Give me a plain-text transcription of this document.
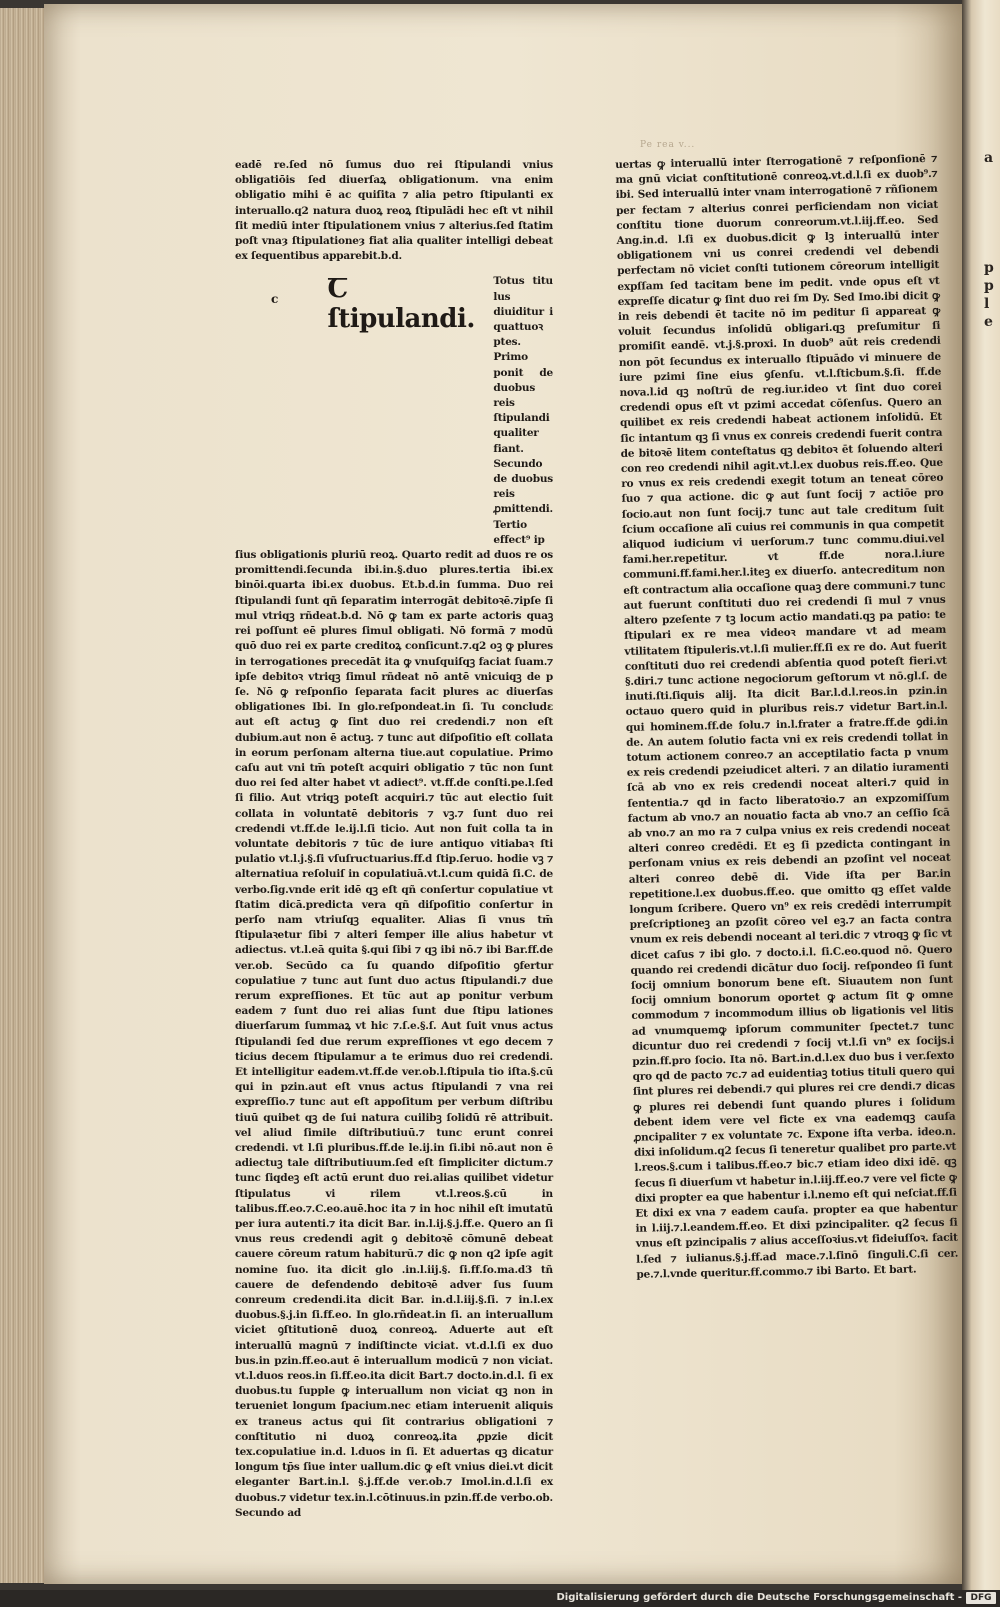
a
p
p
l
e
Pe rea v...

eadē re.ſed nō ſumus duo rei ſtipulandi vnius obligatiōis ſed diuerſaꝝ obligationum. vna enim obligatio mihi ē ac quiſita ⁊ alia petro ſtipulanti ex interuallo.q2 natura duoꝝ reoꝝ ſtipulādi hec eſt vt nihil ſit mediū inter ſtipulationem vnius ⁊ alterius.ſed ſtatim poſt vnaȝ ſtipulationeȝ fiat alia qualiter intelligi debeat ex ſequentibus apparebit.b.d.

c	Ꞇ ſtipulandi.
Totus titu lus diuiditur i quattuoꝛ ptes. Primo ponit de duobus reis ſtipulandi qualiter fiant. Secundo de duobus reis ꝓmittendi. Tertio effect⁹ ip

ſius obligationis pluriū reoꝝ. Quarto redit ad duos re os promittendi.ſecunda ibi.in.§.duo plures.tertia ibi.ex binōi.quarta ibi.ex duobus. Et.b.d.in ſumma. Duo rei ſtipulandi ſunt qñ ſeparatim interrogāt debitoꝛē.⁊ipſe ſi mul vtriqꝫ rñdeat.b.d. Nō ꝙ tam ex parte actoris quaꝫ rei poſſunt eē plures ſimul obligati. Nō formā ⁊ modū quō duo rei ex parte creditoꝝ conſicunt.⁊.q2 oꝫ ꝙ plures in terrogationes precedāt ita ꝙ vnuſquiſqꝫ faciat ſuam.⁊ ipſe debitoꝛ vtriqꝫ ſimul rñdeat nō antē vnicuiqꝫ de p ſe. Nō ꝙ reſponſio ſeparata facit plures ac diuerſas obligationes Ibi. In glo.reſpondeat.in ſi. Tu concludε aut eſt actuꝫ ꝙ ſint duo rei credendi.⁊ non eſt dubium.aut non ē actuꝫ. ⁊ tunc aut diſpoſitio eſt collata in eorum perſonam alterna tiue.aut copulatiue. Primo caſu aut vni tm̄ poteſt acquiri obligatio ⁊ tūc non ſunt duo rei ſed alter habet vt adiect⁹. vt.ff.de conſti.pe.l.ſed ſi filio. Aut vtriqꝫ poteſt acquiri.⁊ tūc aut electio ſuit collata in voluntatē debitoris ⁊ vꝫ.⁊ ſunt duo rei credendi vt.ff.de le.ij.l.ſi ticio. Aut non fuit colla ta in voluntate debitoris ⁊ tūc de iure antiquo vitiabaꝛ ſti pulatio vt.l.j.§.ſi vſuſructuarius.ff.d ſtip.ſeruo. hodie vꝫ ⁊ alternatiua reſoluiſ in copulatiuā.vt.l.cum quidā ſi.C. de verbo.ſig.vnde erit idē qꝫ eſt qñ conſertur copulatiue vt ſtatim dicā.predicta vera qñ diſpoſitio conſertur in perſo nam vtriuſqꝫ equaliter. Alias ſi vnus tm̄ ſtipulaꝛetur ſibi ⁊ alteri ſemper ille alius habetur vt adiectus. vt.l.eā quita §.qui ſibi ⁊ qꝫ ibi nō.⁊ ibi Bar.ff.de ver.ob. Secūdo ca ſu quando diſpoſitio ꝯfertur copulatiue ⁊ tunc aut ſunt duo actus ſtipulandi.⁊ due rerum expreſſiones. Et tūc aut ap ponitur verbum eadem ⁊ ſunt duo rei alias ſunt due ſtipu lationes diuerſarum ſummaꝝ vt hic ⁊.ſ.e.§.ſ. Aut ſuit vnus actus ſtipulandi ſed due rerum expreſſiones vt ego decem ⁊ ticius decem ſtipulamur a te erimus duo rei credendi. Et intelligitur eadem.vt.ff.de ver.ob.l.ſtipula tio iſta.§.cū qui in pzin.aut eſt vnus actus ſtipulandi ⁊ vna rei expreſſio.⁊ tunc aut eſt appoſitum per verbum diſtribu tiuū quibet qꝫ de ſui natura cuilibꝫ ſolidū rē attribuit. vel aliud ſimile diſtributiuū.⁊ tunc erunt conrei credendi. vt l.ſi pluribus.ff.de le.ij.in ſi.ibi nō.aut non ē adiectuꝫ tale diſtributiuum.ſed eſt ſimpliciter dictum.⁊ tunc ſiqdeꝫ eſt actū erunt duo rei.alias quilibet videtur ſtipulatus vi rilem vt.l.reos.§.cū in talibus.ff.eo.⁊.C.eo.auē.hoc ita ⁊ in hoc nihil eſt imutatū per iura autenti.⁊ ita dicit Bar. in.l.ij.§.j.ff.e. Quero an ſi vnus reus credendi agit ꝯ debitoꝛē cōmunē debeat cauere cōreum ratum habiturū.⁊ dic ꝙ non q2 ipſe agit nomine ſuo. ita dicit glo .in.l.iij.§. ſi.ff.ſo.ma.d3 tñ cauere de defendendo debitoꝛē adver ſus ſuum conreum credendi.ita dicit Bar. in.d.l.iij.§.ſi. ⁊ in.l.ex duobus.§.j.in ſi.ff.eo. In glo.rñdeat.in ſi. an interuallum viciet ꝯſtitutionē duoꝝ conreoꝝ. Aduerte aut eſt interuallū magnū ⁊ indiſtincte viciat. vt.d.l.ſi ex duo bus.in pzin.ff.eo.aut ē interuallum modicū ⁊ non viciat. vt.l.duos reos.in ſi.ff.eo.ita dicit Bart.⁊ docto.in.d.l. ſi ex duobus.tu ſupple ꝙ interuallum non viciat qꝫ non in terueniet longum ſpacium.nec etiam interuenit aliquis ex traneus actus qui ſit contrarius obligationi ⁊ conſtitutio ni duoꝝ conreoꝝ.ita ꝓpzie dicit tex.copulatiue in.d. l.duos in ſi. Et aduertas qꝫ dicatur longum tp̄s ſiue inter uallum.dic ꝙ eſt vnius diei.vt dicit eleganter Bart.in.l. §.j.ff.de ver.ob.⁊ Imol.in.d.l.ſi ex duobus.⁊ videtur tex.in.l.cōtinuus.in pzin.ff.de verbo.ob. Secundo ad

uertas ꝙ interuallū inter ſterrogationē ⁊ reſponſionē ⁊ ma gnū viciat conſtitutionē conreoꝝ.vt.d.l.ſi ex duob⁹.⁊ ibi. Sed interuallū inter vnam interrogationē ⁊ rñſionem per fectam ⁊ alterius conrei perficiendam non viciat conſtitu tione duorum conreorum.vt.l.iij.ff.eo. Sed Ang.in.d. l.ſi ex duobus.dicit ꝙ lꝫ interuallū inter obligationem vni us conrei credendi vel debendi perfectam nō viciet conſti tutionem cōreorum intelligit expſſam ſed tacitam bene im pedit. vnde opus eſt vt expreſſe dicatur ꝙ ſint duo rei ſm Dy. Sed Imo.ibi dicit ꝙ in reis debendi ēt tacite nō im peditur ſi appareat ꝙ voluit ſecundus inſolidū obligari.qꝫ preſumitur ſi promiſit eandē. vt.j.§.proxi. In duob⁹ aūt reis credendi non pōt ſecundus ex interuallo ſtipuādo vi minuere de iure pzimi ſine eius ꝯſenſu. vt.l.ſticbum.§.ſi. ff.de nova.l.id qꝫ noſtrū de reg.iur.ideo vt ſint duo corei credendi opus eſt vt pzimi accedat cōſenſus. Quero an quilibet ex reis credendi habeat actionem inſolidū. Et ſic intantum qꝫ ſi vnus ex conreis credendi fuerit contra de bitoꝛē litem conteſtatus qꝫ debitoꝛ ēt ſoluendo alteri con reo credendi nihil agit.vt.l.ex duobus reis.ff.eo. Que ro vnus ex reis credendi exegit totum an teneat cōreo ſuo ⁊ qua actione. dic ꝙ aut ſunt ſocij ⁊ actiōe pro ſocio.aut non ſunt ſocij.⁊ tunc aut tale creditum ſuit ſcium occaſione alī cuius rei communis in qua competit aliquod iudicium vi uerſorum.⁊ tunc commu.diui.vel fami.her.repetitur. vt ff.de nora.l.iure communi.ff.fami.her.l.iteꝫ ex diuerſo. antecreditum non eſt contractum alia occaſione quaꝫ dere communi.⁊ tunc aut fuerunt conſtituti duo rei credendi ſi mul ⁊ vnus altero pzeſente ⁊ tꝫ locum actio mandati.qꝫ pa patio: te ſtipulari ex re mea videoꝛ mandare vt ad meam vtilitatem ſtipuleris.vt.l.ſi mulier.ff.ſi ex re do. Aut fuerit conſtituti duo rei credendi abſentia quod poteſt fieri.vt §.diri.⁊ tunc actione negociorum geſtorum vt nō.gl.ſ. de inuti.ſti.ſiquis alij. Ita dicit Bar.l.d.l.reos.in pzin.in octauo quero quid in pluribus reis.⁊ videtur Bart.in.l. qui hominem.ff.de ſolu.⁊ in.l.frater a fratre.ff.de ꝯdi.in de. An autem ſolutio facta vni ex reis credendi tollat in totum actionem conreo.⁊ an acceptilatio facta p vnum ex reis credendi pzeiudicet alteri. ⁊ an dilatio iuramenti ſcā ab vno ex reis credendi noceat alteri.⁊ quid in ſententia.⁊ qd in facto liberatoꝛio.⁊ an expzomiſſum factum ab vno.⁊ an nouatio facta ab vno.⁊ an ceſſio ſcā ab vno.⁊ an mo ra ⁊ culpa vnius ex reis credendi noceat alteri conreo credēdi. Et eꝫ ſi pzedicta contingant in perſonam vnius ex reis debendi an pzoſint vel noceat alteri conreo debē di. Vide iſta per Bar.in repetitione.l.ex duobus.ff.eo. que omitto qꝫ eſſet valde longum ſcribere. Quero vn⁹ ex reis credēdi interrumpit preſcriptioneꝫ an pzoſit cōreo vel eꝫ.⁊ an facta contra vnum ex reis debendi noceant al teri.dic ⁊ vtroqꝫ ꝙ ſic vt dicet caſus ⁊ ibi glo. ⁊ docto.i.l. ſi.C.eo.quod nō. Quero quando rei credendi dicātur duo ſocij. reſpondeo ſi ſunt ſocij omnium bonorum bene eſt. Siuautem non ſunt ſocij omnium bonorum oportet ꝙ actum ſit ꝙ omne commodum ⁊ incommodum illius ob ligationis vel litis ad vnumquemꝙ ipſorum communiter ſpectet.⁊ tunc dicuntur duo rei credendi ⁊ ſocij vt.l.ſi vn⁹ ex ſocijs.i pzin.ff.pro ſocio. Ita nō. Bart.in.d.l.ex duo bus i ver.ſexto qro qd de pacto ⁊c.⁊ ad euidentiaꝫ totius tituli quero qui ſint plures rei debendi.⁊ qui plures rei cre dendi.⁊ dicas ꝙ plures rei debendi ſunt quando plures i ſolidum debent idem vere vel ficte ex vna eademqꝫ cauſa ꝓncipaliter ⁊ ex voluntate ⁊c. Expone iſta verba. ideo.n. dixi inſolidum.q2 ſecus ſi teneretur qualibet pro parte.vt l.reos.§.cum i talibus.ff.eo.⁊ bic.⁊ etiam ideo dixi idē. qꝫ ſecus ſi diuerſum vt habetur in.l.iij.ff.eo.⁊ vere vel ficte ꝙ dixi propter ea que habentur i.l.nemo eſt qui neſciat.ff.ſi Et dixi ex vna ⁊ eadem cauſa. propter ea que habentur in l.iij.⁊.l.eandem.ff.eo. Et dixi pzincipaliter. q2 ſecus ſi vnus eſt pzincipalis ⁊ alius acceſſoꝛius.vt fideiuſſoꝛ. facit l.ſed ⁊ iulianus.§.j.ff.ad mace.⁊.l.ſinō ſinguli.C.ſi cer. pe.⁊.l.vnde queritur.ff.commo.⁊ ibi Barto. Et bart.

Digitalisierung gefördert durch die Deutsche Forschungsgemeinschaft - DFG
